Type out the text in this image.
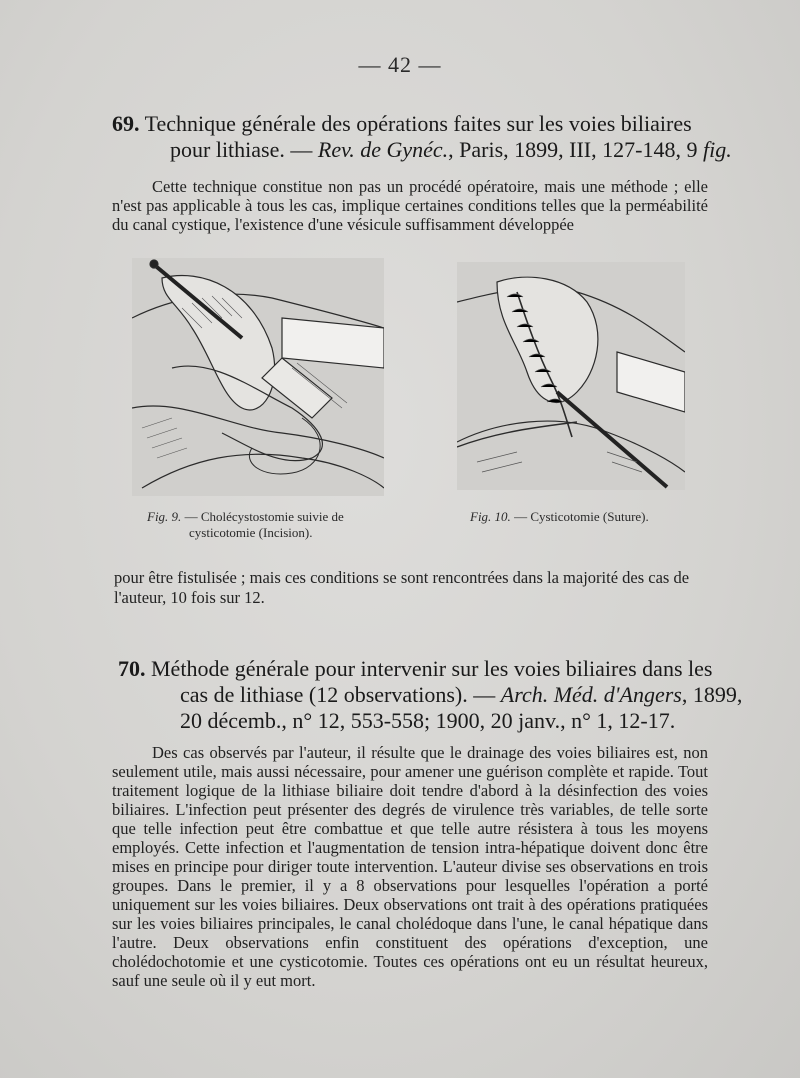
— 42 —
69. Technique générale des opérations faites sur les voies biliaires
pour lithiase. — Rev. de Gynéc., Paris, 1899, III, 127-148, 9 fig.

Cette technique constitue non pas un procédé opératoire, mais une méthode ; elle n'est pas applicable à tous les cas, implique certaines conditions telles que la perméabilité du canal cystique, l'existence d'une vésicule suffisamment développée

Fig. 9. — Cholécystostomie suivie de
cysticotomie (Incision).
Fig. 10. — Cysticotomie (Suture).
pour être fistulisée ; mais ces conditions se sont rencontrées dans la majorité des cas de l'auteur, 10 fois sur 12.
70. Méthode générale pour intervenir sur les voies biliaires dans les
cas de lithiase (12 observations). — Arch. Méd. d'Angers, 1899,
20 décemb., n° 12, 553-558; 1900, 20 janv., n° 1, 12-17.

Des cas observés par l'auteur, il résulte que le drainage des voies biliaires est, non seulement utile, mais aussi nécessaire, pour amener une guérison complète et rapide. Tout traitement logique de la lithiase biliaire doit tendre d'abord à la désinfection des voies biliaires. L'infection peut présenter des degrés de virulence très variables, de telle sorte que telle infection peut être combattue et que telle autre résistera à tous les moyens employés. Cette infection et l'augmentation de tension intra-hépatique doivent donc être mises en principe pour diriger toute intervention. L'auteur divise ses observations en trois groupes. Dans le premier, il y a 8 observations pour lesquelles l'opération a porté uniquement sur les voies biliaires. Deux observations ont trait à des opérations pratiquées sur les voies biliaires principales, le canal cholédoque dans l'une, le canal hépatique dans l'autre. Deux observations enfin constituent des opérations d'exception, une cholédochotomie et une cysticotomie. Toutes ces opérations ont eu un résultat heureux, sauf une seule où il y eut mort.
